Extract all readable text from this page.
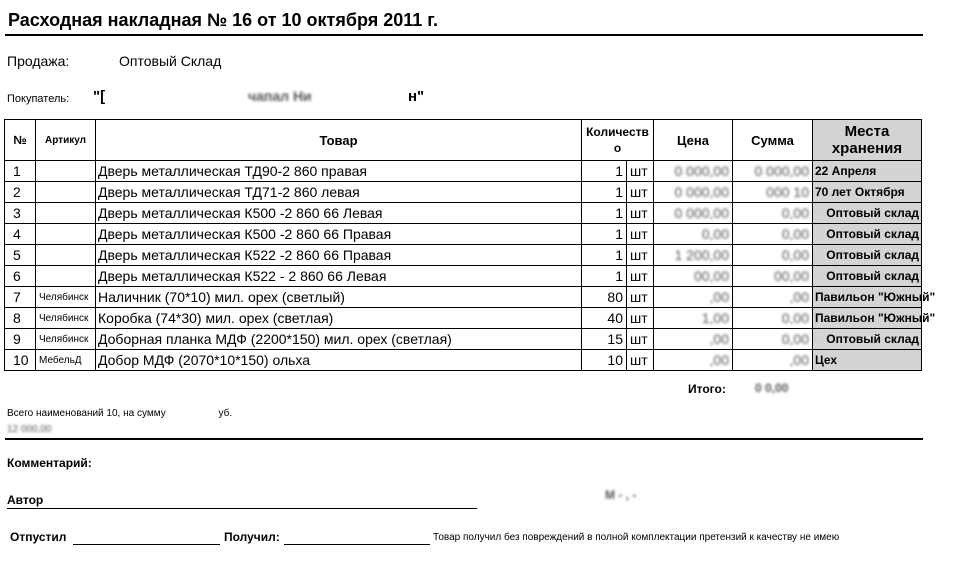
Расходная накладная № 16 от 10 октября 2011 г.
Продажа:	Оптовый Склад
Покупатель: "[	чапал Ни	н"
№	Артикул	Товар	Количество		Цена	Сумма	Места хранения
1		Дверь металлическая ТД90-2 860 правая	1	шт	0 000,00	0 000,00	22 Апреля
2		Дверь металлическая ТД71-2 860 левая	1	шт	0 000,00	000 10	70 лет Октября
3		Дверь металлическая К500 -2 860 66 Левая	1	шт	0 000,00	0,00	Оптовый склад
4		Дверь металлическая К500 -2 860 66 Правая	1	шт	0,00	0,00	Оптовый склад
5		Дверь металлическая К522 -2 860 66 Правая	1	шт	1 200,00	0,00	Оптовый склад
6		Дверь металлическая К522 - 2 860 66 Левая	1	шт	00,00	00,00	Оптовый склад
7	Челябинск	Наличник (70*10) мил. орех (светлый)	80	шт	,00	,00	Павильон "Южный"
8	Челябинск	Коробка (74*30) мил. орех (светлая)	40	шт	1,00	0,00	Павильон "Южный"
9	Челябинск	Доборная планка МДФ (2200*150) мил. орех (светлая)	15	шт	,00	0,00	Оптовый склад
10	МебельД	Добор МДФ (2070*10*150) ольха	10	шт	,00	,00	Цех
Итого: 0 0,00
Всего наименований 10, на сумму	уб.
12 000,00
Комментарий:
Автор	М - , -
Отпустил	Получил:	Товар получил без повреждений в полной комплектации претензий к качеству не имею
